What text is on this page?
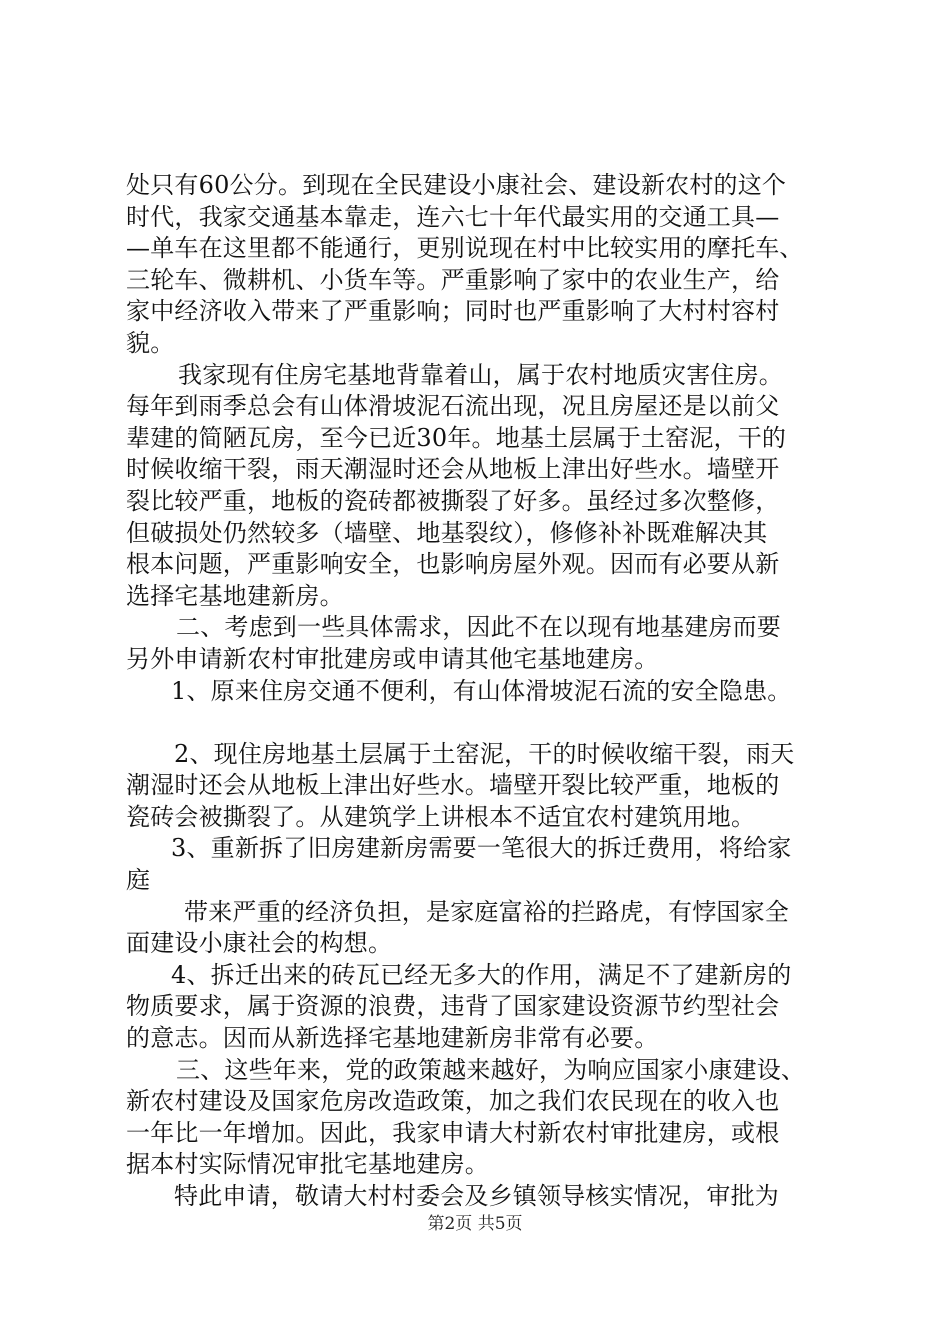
处只有60公分。到现在全民建设小康社会、建设新农村的这个
时代，我家交通基本靠走，连六七十年代最实用的交通工具—
—单车在这里都不能通行，更别说现在村中比较实用的摩托车、
三轮车、微耕机、小货车等。严重影响了家中的农业生产，给
家中经济收入带来了严重影响；同时也严重影响了大村村容村
貌。
我家现有住房宅基地背靠着山，属于农村地质灾害住房。
每年到雨季总会有山体滑坡泥石流出现，况且房屋还是以前父
辈建的简陋瓦房，至今已近30年。地基土层属于土窑泥，干的
时候收缩干裂，雨天潮湿时还会从地板上津出好些水。墙壁开
裂比较严重，地板的瓷砖都被撕裂了好多。虽经过多次整修，
但破损处仍然较多（墙壁、地基裂纹），修修补补既难解决其
根本问题，严重影响安全，也影响房屋外观。因而有必要从新
选择宅基地建新房。
二、考虑到一些具体需求，因此不在以现有地基建房而要
另外申请新农村审批建房或申请其他宅基地建房。
1、原来住房交通不便利，有山体滑坡泥石流的安全隐患。
2、现住房地基土层属于土窑泥，干的时候收缩干裂，雨天
潮湿时还会从地板上津出好些水。墙壁开裂比较严重，地板的
瓷砖会被撕裂了。从建筑学上讲根本不适宜农村建筑用地。
3、重新拆了旧房建新房需要一笔很大的拆迁费用，将给家
庭
带来严重的经济负担，是家庭富裕的拦路虎，有悖国家全
面建设小康社会的构想。
4、拆迁出来的砖瓦已经无多大的作用，满足不了建新房的
物质要求，属于资源的浪费，违背了国家建设资源节约型社会
的意志。因而从新选择宅基地建新房非常有必要。
三、这些年来，党的政策越来越好，为响应国家小康建设、
新农村建设及国家危房改造政策，加之我们农民现在的收入也
一年比一年增加。因此，我家申请大村新农村审批建房，或根
据本村实际情况审批宅基地建房。
特此申请，敬请大村村委会及乡镇领导核实情况，审批为
第2页 共5页
